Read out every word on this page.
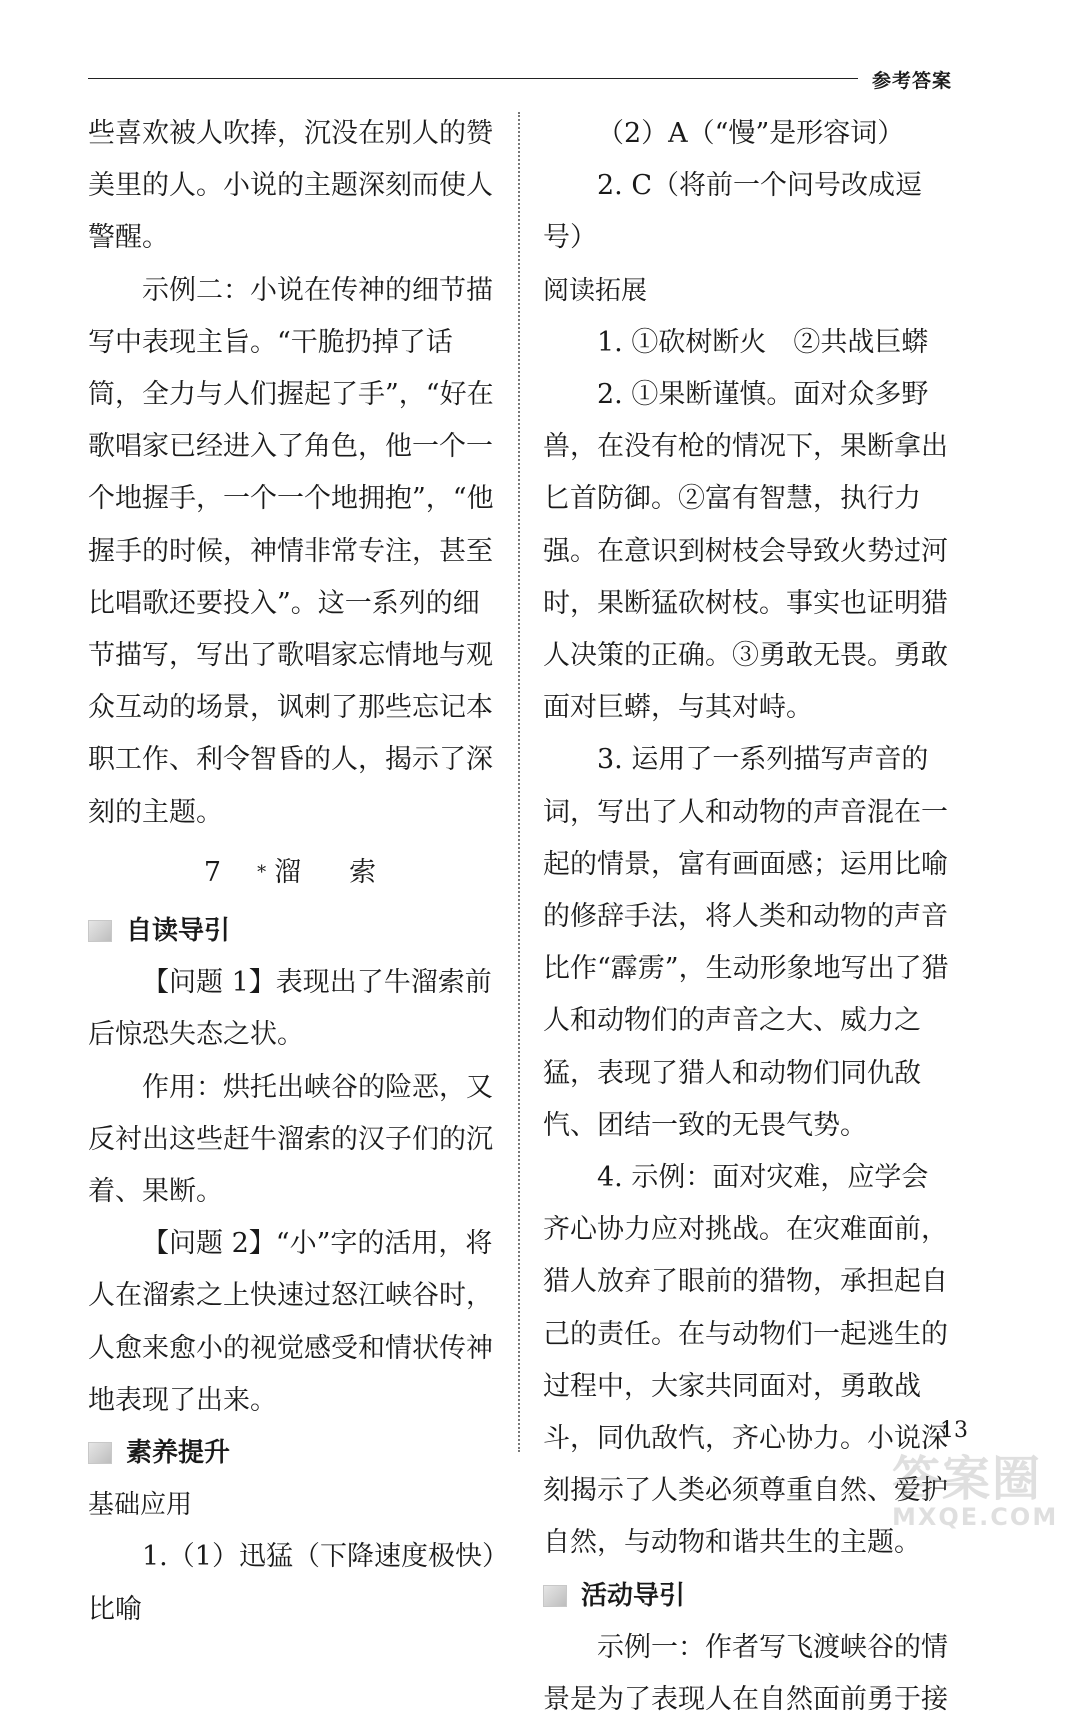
参考答案

些喜欢被人吹捧，沉没在别人的赞美里的人。小说的主题深刻而使人警醒。

示例二：小说在传神的细节描写中表现主旨。“干脆扔掉了话筒，全力与人们握起了手”，“好在歌唱家已经进入了角色，他一个一个地握手，一个一个地拥抱”，“他握手的时候，神情非常专注，甚至比唱歌还要投入”。这一系列的细节描写，写出了歌唱家忘情地与观众互动的场景，讽刺了那些忘记本职工作、利令智昏的人，揭示了深刻的主题。

7 *溜 索

自读导引

【问题 1】表现出了牛溜索前后惊恐失态之状。

作用：烘托出峡谷的险恶，又反衬出这些赶牛溜索的汉子们的沉着、果断。

【问题 2】“小”字的活用，将人在溜索之上快速过怒江峡谷时，人愈来愈小的视觉感受和情状传神地表现了出来。

素养提升

基础应用

1.（1）迅猛（下降速度极快）比喻

（2）A（“慢”是形容词）

2. C（将前一个问号改成逗号）

阅读拓展

1. ①砍树断火　②共战巨蟒

2. ①果断谨慎。面对众多野兽，在没有枪的情况下，果断拿出匕首防御。②富有智慧，执行力强。在意识到树枝会导致火势过河时，果断猛砍树枝。事实也证明猎人决策的正确。③勇敢无畏。勇敢面对巨蟒，与其对峙。

3. 运用了一系列描写声音的词，写出了人和动物的声音混在一起的情景，富有画面感；运用比喻的修辞手法，将人类和动物的声音比作“霹雳”，生动形象地写出了猎人和动物们的声音之大、威力之猛，表现了猎人和动物们同仇敌忾、团结一致的无畏气势。

4. 示例：面对灾难，应学会齐心协力应对挑战。在灾难面前，猎人放弃了眼前的猎物，承担起自己的责任。在与动物们一起逃生的过程中，大家共同面对，勇敢战斗，同仇敌忾，齐心协力。小说深刻揭示了人类必须尊重自然、爱护自然，与动物和谐共生的主题。

活动导引

示例一：作者写飞渡峡谷的情景是为了表现人在自然面前勇于接

13
答案圈
MXQE.COM
